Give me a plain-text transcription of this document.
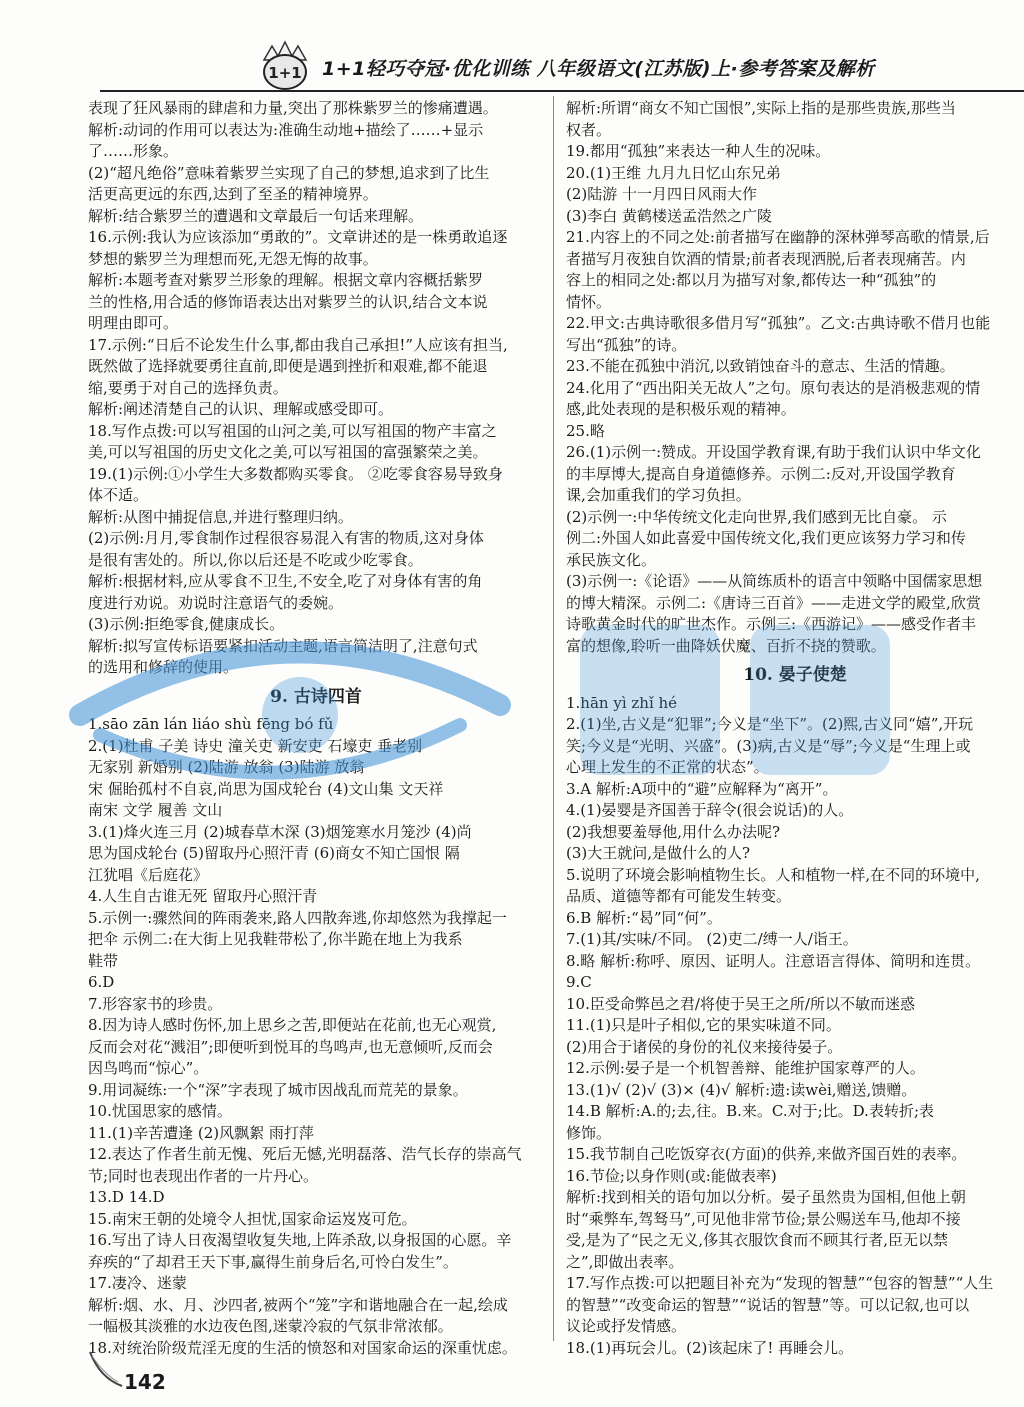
1+1 1+1轻巧夺冠·优化训练 八年级语文(江苏版)上·参考答案及解析

表现了狂风暴雨的肆虐和力量,突出了那株紫罗兰的惨痛遭遇。

解析:动词的作用可以表达为:准确生动地+描绘了……+显示

了……形象。

(2)“超凡绝俗”意味着紫罗兰实现了自己的梦想,追求到了比生

活更高更远的东西,达到了至圣的精神境界。

解析:结合紫罗兰的遭遇和文章最后一句话来理解。

16.示例:我认为应该添加“勇敢的”。文章讲述的是一株勇敢追逐

梦想的紫罗兰为理想而死,无怨无悔的故事。

解析:本题考查对紫罗兰形象的理解。根据文章内容概括紫罗

兰的性格,用合适的修饰语表达出对紫罗兰的认识,结合文本说

明理由即可。

17.示例:“日后不论发生什么事,都由我自己承担!”人应该有担当,

既然做了选择就要勇往直前,即便是遇到挫折和艰难,都不能退

缩,要勇于对自己的选择负责。

解析:阐述清楚自己的认识、理解或感受即可。

18.写作点拨:可以写祖国的山河之美,可以写祖国的物产丰富之

美,可以写祖国的历史文化之美,可以写祖国的富强繁荣之美。

19.(1)示例:①小学生大多数都购买零食。 ②吃零食容易导致身

体不适。

解析:从图中捕捉信息,并进行整理归纳。

(2)示例:月月,零食制作过程很容易混入有害的物质,这对身体

是很有害处的。所以,你以后还是不吃或少吃零食。

解析:根据材料,应从零食不卫生,不安全,吃了对身体有害的角

度进行劝说。劝说时注意语气的委婉。

(3)示例:拒绝零食,健康成长。

解析:拟写宣传标语要紧扣活动主题,语言简洁明了,注意句式

的选用和修辞的使用。

9. 古诗四首

1.sāo zān lán liáo shù fēng bó fǔ

2.(1)杜甫 子美 诗史 潼关吏 新安吏 石壕吏 垂老别

无家别 新婚别 (2)陆游 放翁 (3)陆游 放翁

宋 倔眙孤村不自哀,尚思为国戍轮台 (4)文山集 文天祥

南宋 文学 履善 文山

3.(1)烽火连三月 (2)城春草木深 (3)烟笼寒水月笼沙 (4)尚

思为国戍轮台 (5)留取丹心照汗青 (6)商女不知亡国恨 隔

江犹唱《后庭花》

4.人生自古谁无死 留取丹心照汗青

5.示例一:骤然间的阵雨袭来,路人四散奔逃,你却悠然为我撑起一

把伞 示例二:在大街上见我鞋带松了,你半跪在地上为我系

鞋带

6.D

7.形容家书的珍贵。

8.因为诗人感时伤怀,加上思乡之苦,即便站在花前,也无心观赏,

反而会对花“溅泪”;即便听到悦耳的鸟鸣声,也无意倾听,反而会

因鸟鸣而“惊心”。

9.用词凝练:一个“深”字表现了城市因战乱而荒芜的景象。

10.忧国思家的感情。

11.(1)辛苦遭逢 (2)风飘絮 雨打萍

12.表达了作者生前无愧、死后无憾,光明磊落、浩气长存的崇高气

节;同时也表现出作者的一片丹心。

13.D 14.D

15.南宋王朝的处境令人担忧,国家命运岌岌可危。

16.写出了诗人日夜渴望收复失地,上阵杀敌,以身报国的心愿。辛

弃疾的“了却君王天下事,赢得生前身后名,可怜白发生”。

17.凄冷、迷蒙

解析:烟、水、月、沙四者,被两个“笼”字和谐地融合在一起,绘成

一幅极其淡雅的水边夜色图,迷蒙冷寂的气氛非常浓郁。

18.对统治阶级荒淫无度的生活的愤怒和对国家命运的深重忧虑。

解析:所谓“商女不知亡国恨”,实际上指的是那些贵族,那些当

权者。

19.都用“孤独”来表达一种人生的况味。

20.(1)王维 九月九日忆山东兄弟

(2)陆游 十一月四日风雨大作

(3)李白 黄鹤楼送孟浩然之广陵

21.内容上的不同之处:前者描写在幽静的深林弹琴高歌的情景,后

者描写月夜独自饮酒的情景;前者表现洒脱,后者表现痛苦。内

容上的相同之处:都以月为描写对象,都传达一种“孤独”的

情怀。

22.甲文:古典诗歌很多借月写“孤独”。乙文:古典诗歌不借月也能

写出“孤独”的诗。

23.不能在孤独中消沉,以致销蚀奋斗的意志、生活的情趣。

24.化用了“西出阳关无故人”之句。原句表达的是消极悲观的情

感,此处表现的是积极乐观的精神。

25.略

26.(1)示例一:赞成。开设国学教育课,有助于我们认识中华文化

的丰厚博大,提高自身道德修养。示例二:反对,开设国学教育

课,会加重我们的学习负担。

(2)示例一:中华传统文化走向世界,我们感到无比自豪。 示

例二:外国人如此喜爱中国传统文化,我们更应该努力学习和传

承民族文化。

(3)示例一:《论语》——从简练质朴的语言中领略中国儒家思想

的博大精深。示例二:《唐诗三百首》——走进文学的殿堂,欣赏

诗歌黄金时代的旷世杰作。示例三:《西游记》——感受作者丰

富的想像,聆听一曲降妖伏魔、百折不挠的赞歌。

10. 晏子使楚

1.hān yì zhǐ hé

2.(1)坐,古义是“犯罪”;今义是“坐下”。(2)熙,古义同“嬉”,开玩

笑;今义是“光明、兴盛”。(3)病,古义是“辱”;今义是“生理上或

心理上发生的不正常的状态”。

3.A 解析:A项中的“避”应解释为“离开”。

4.(1)晏婴是齐国善于辞令(很会说话)的人。

(2)我想要羞辱他,用什么办法呢?

(3)大王就问,是做什么的人?

5.说明了环境会影响植物生长。人和植物一样,在不同的环境中,

品质、道德等都有可能发生转变。

6.B 解析:“曷”同“何”。

7.(1)其/实味/不同。 (2)吏二/缚一人/诣王。

8.略 解析:称呼、原因、证明人。注意语言得体、简明和连贯。

9.C

10.臣受命弊邑之君/将使于吴王之所/所以不敏而迷惑

11.(1)只是叶子相似,它的果实味道不同。

(2)用合于诸侯的身份的礼仪来接待晏子。

12.示例:晏子是一个机智善辩、能维护国家尊严的人。

13.(1)√ (2)√ (3)× (4)√ 解析:遗:读wèi,赠送,馈赠。

14.B 解析:A.的;去,往。B.来。C.对于;比。D.表转折;表

修饰。

15.我节制自己吃饭穿衣(方面)的供养,来做齐国百姓的表率。

16.节俭;以身作则(或:能做表率)

解析:找到相关的语句加以分析。晏子虽然贵为国相,但他上朝

时“乘弊车,驾驽马”,可见他非常节俭;景公赐送车马,他却不接

受,是为了“民之无义,侈其衣服饮食而不顾其行者,臣无以禁

之”,即做出表率。

17.写作点拨:可以把题目补充为“发现的智慧”“包容的智慧”“人生

的智慧”“改变命运的智慧”“说话的智慧”等。可以记叙,也可以

议论或抒发情感。

18.(1)再玩会儿。(2)该起床了! 再睡会儿。

142
